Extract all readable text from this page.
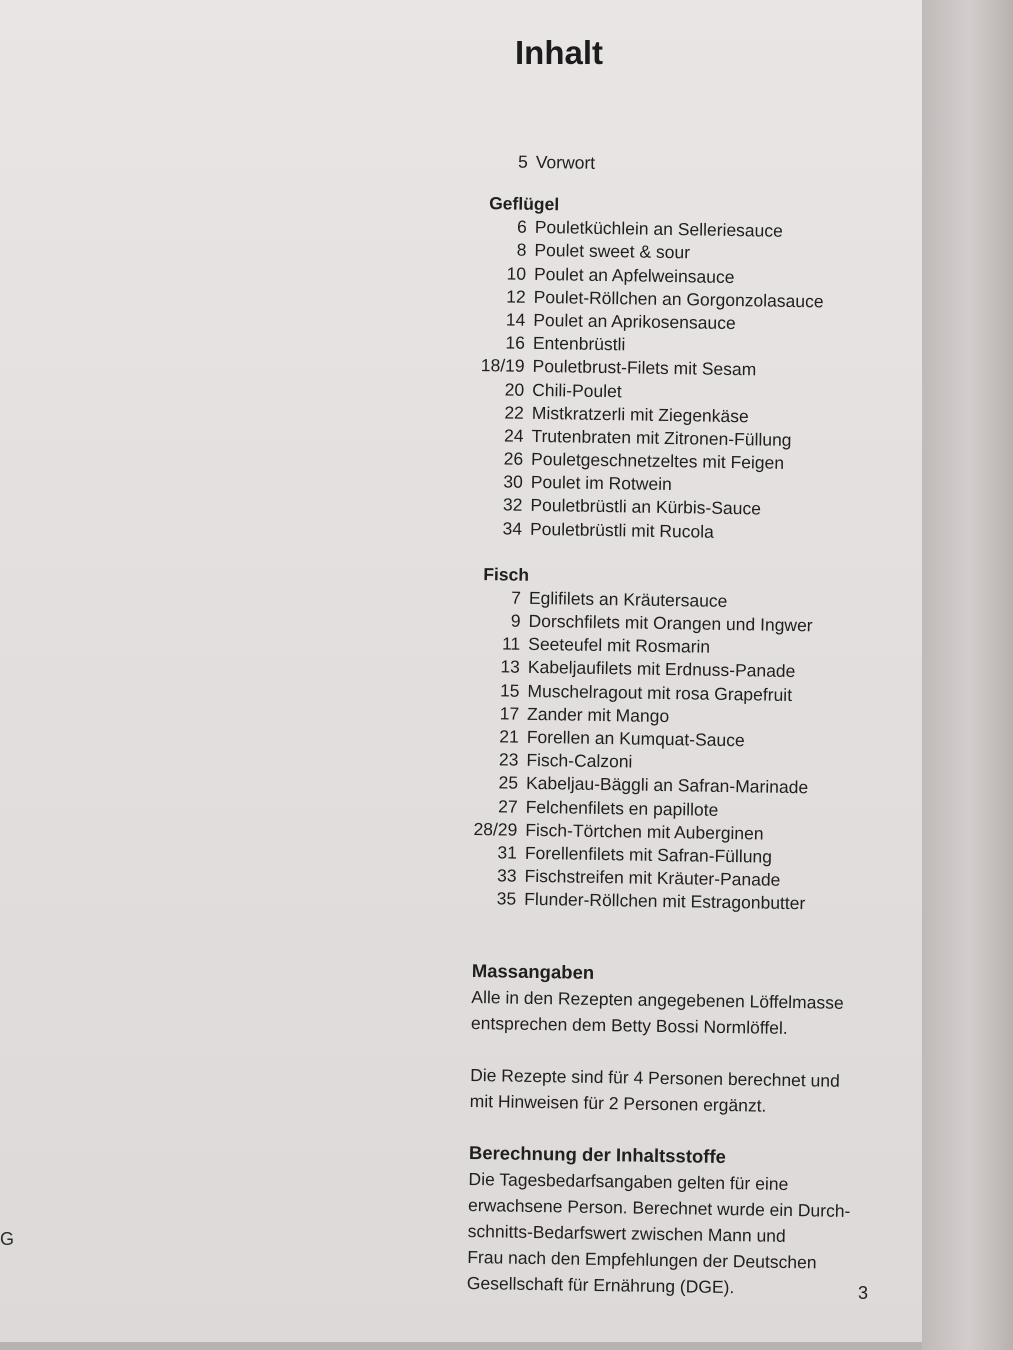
Inhalt
5 Vorwort
Geflügel
6 Pouletküchlein an Selleriesauce
8 Poulet sweet & sour
10 Poulet an Apfelweinsauce
12 Poulet-Röllchen an Gorgonzolasauce
14 Poulet an Aprikosensauce
16 Entenbrüstli
18/19 Pouletbrust-Filets mit Sesam
20 Chili-Poulet
22 Mistkratzerli mit Ziegenkäse
24 Trutenbraten mit Zitronen-Füllung
26 Pouletgeschnetzeltes mit Feigen
30 Poulet im Rotwein
32 Pouletbrüstli an Kürbis-Sauce
34 Pouletbrüstli mit Rucola
Fisch
7 Eglifilets an Kräutersauce
9 Dorschfilets mit Orangen und Ingwer
11 Seeteufel mit Rosmarin
13 Kabeljaufilets mit Erdnuss-Panade
15 Muschelragout mit rosa Grapefruit
17 Zander mit Mango
21 Forellen an Kumquat-Sauce
23 Fisch-Calzoni
25 Kabeljau-Bäggli an Safran-Marinade
27 Felchenfilets en papillote
28/29 Fisch-Törtchen mit Auberginen
31 Forellenfilets mit Safran-Füllung
33 Fischstreifen mit Kräuter-Panade
35 Flunder-Röllchen mit Estragonbutter

Massangaben

Alle in den Rezepten angegebenen Löffelmasse
entsprechen dem Betty Bossi Normlöffel.

Die Rezepte sind für 4 Personen berechnet und
mit Hinweisen für 2 Personen ergänzt.

Berechnung der Inhaltsstoffe

Die Tagesbedarfsangaben gelten für eine
erwachsene Person. Berechnet wurde ein Durch-
schnitts-Bedarfswert zwischen Mann und
Frau nach den Empfehlungen der Deutschen
Gesellschaft für Ernährung (DGE).	3
G
